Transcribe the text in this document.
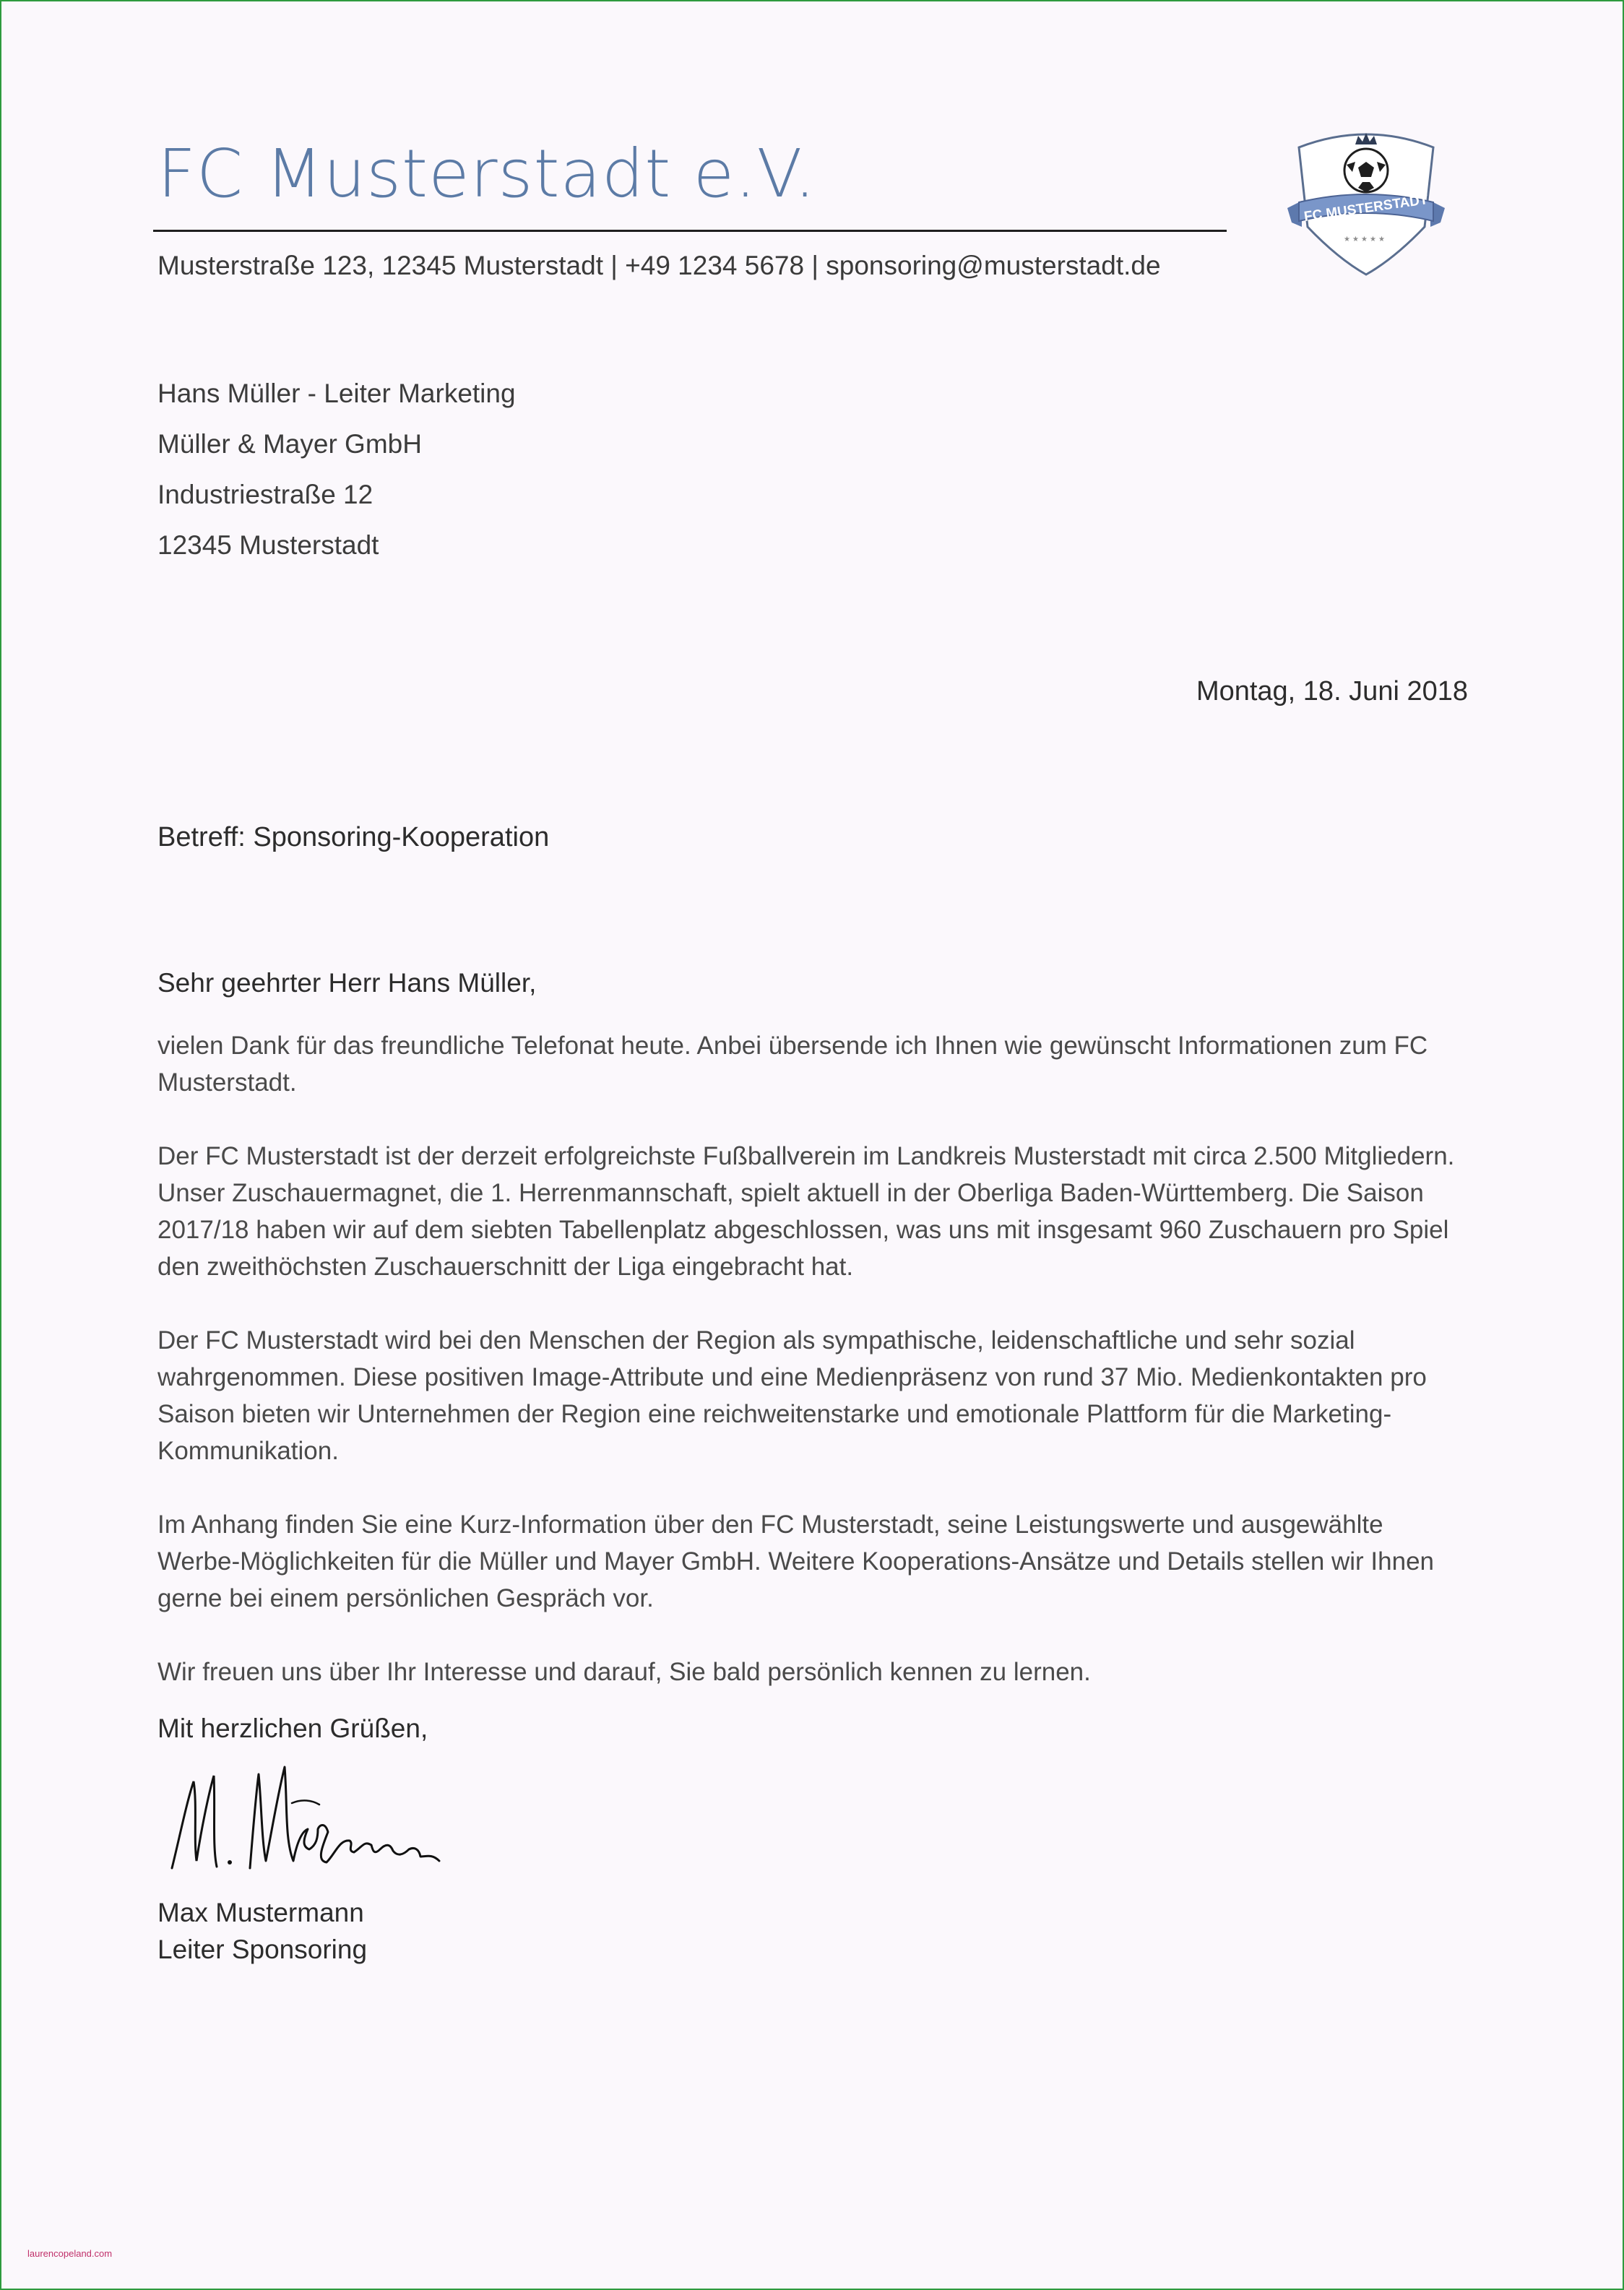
FC Musterstadt e.V.
Musterstraße 123, 12345 Musterstadt | +49 1234 5678 | sponsoring@musterstadt.de
FC MUSTERSTADT
★ ★ ★ ★ ★
Hans Müller - Leiter Marketing
Müller & Mayer GmbH
Industriestraße 12
12345 Musterstadt
Montag, 18. Juni 2018
Betreff: Sponsoring-Kooperation
Sehr geehrter Herr Hans Müller,

vielen Dank für das freundliche Telefonat heute. Anbei übersende ich Ihnen wie gewünscht Informationen zum FC Musterstadt.

Der FC Musterstadt ist der derzeit erfolgreichste Fußballverein im Landkreis Musterstadt mit circa 2.500 Mitgliedern. Unser Zuschauermagnet, die 1. Herrenmannschaft, spielt aktuell in der Oberliga Baden-Württemberg. Die Saison 2017/18 haben wir auf dem siebten Tabellenplatz abgeschlossen, was uns mit insgesamt 960 Zuschauern pro Spiel den zweithöchsten Zuschauerschnitt der Liga eingebracht hat.

Der FC Musterstadt wird bei den Menschen der Region als sympathische, leidenschaftliche und sehr sozial wahrgenommen. Diese positiven Image-Attribute und eine Medienpräsenz von rund 37 Mio. Medienkontakten pro Saison bieten wir Unternehmen der Region eine reichweitenstarke und emotionale Plattform für die Marketing-Kommunikation.

Im Anhang finden Sie eine Kurz-Information über den FC Musterstadt, seine Leistungswerte und ausgewählte Werbe-Möglichkeiten für die Müller und Mayer GmbH. Weitere Kooperations-Ansätze und Details stellen wir Ihnen gerne bei einem persönlichen Gespräch vor.

Wir freuen uns über Ihr Interesse und darauf, Sie bald persönlich kennen zu lernen.

Mit herzlichen Grüßen,
Max Mustermann
Leiter Sponsoring
laurencopeland.com
